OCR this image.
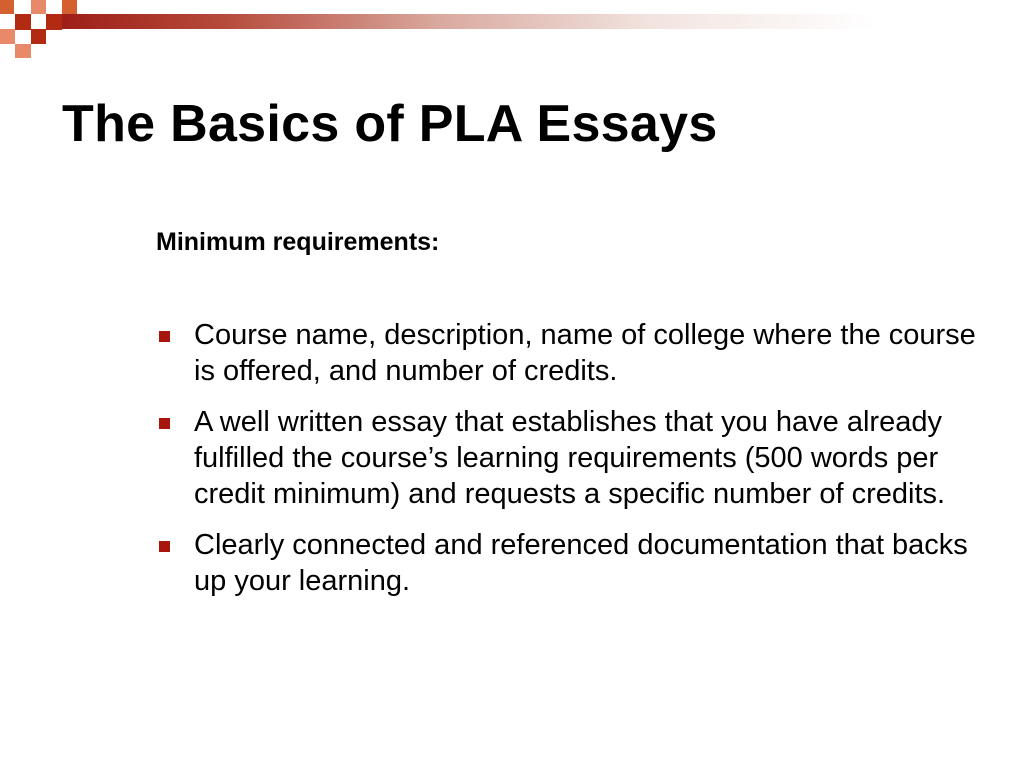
The Basics of PLA Essays
Minimum requirements:
Course name, description, name of college where the course is offered, and number of credits.
A well written essay that establishes that you have already fulfilled the course’s learning requirements (500 words per credit minimum) and requests a specific number of credits.
Clearly connected and referenced documentation that backs up your learning.
